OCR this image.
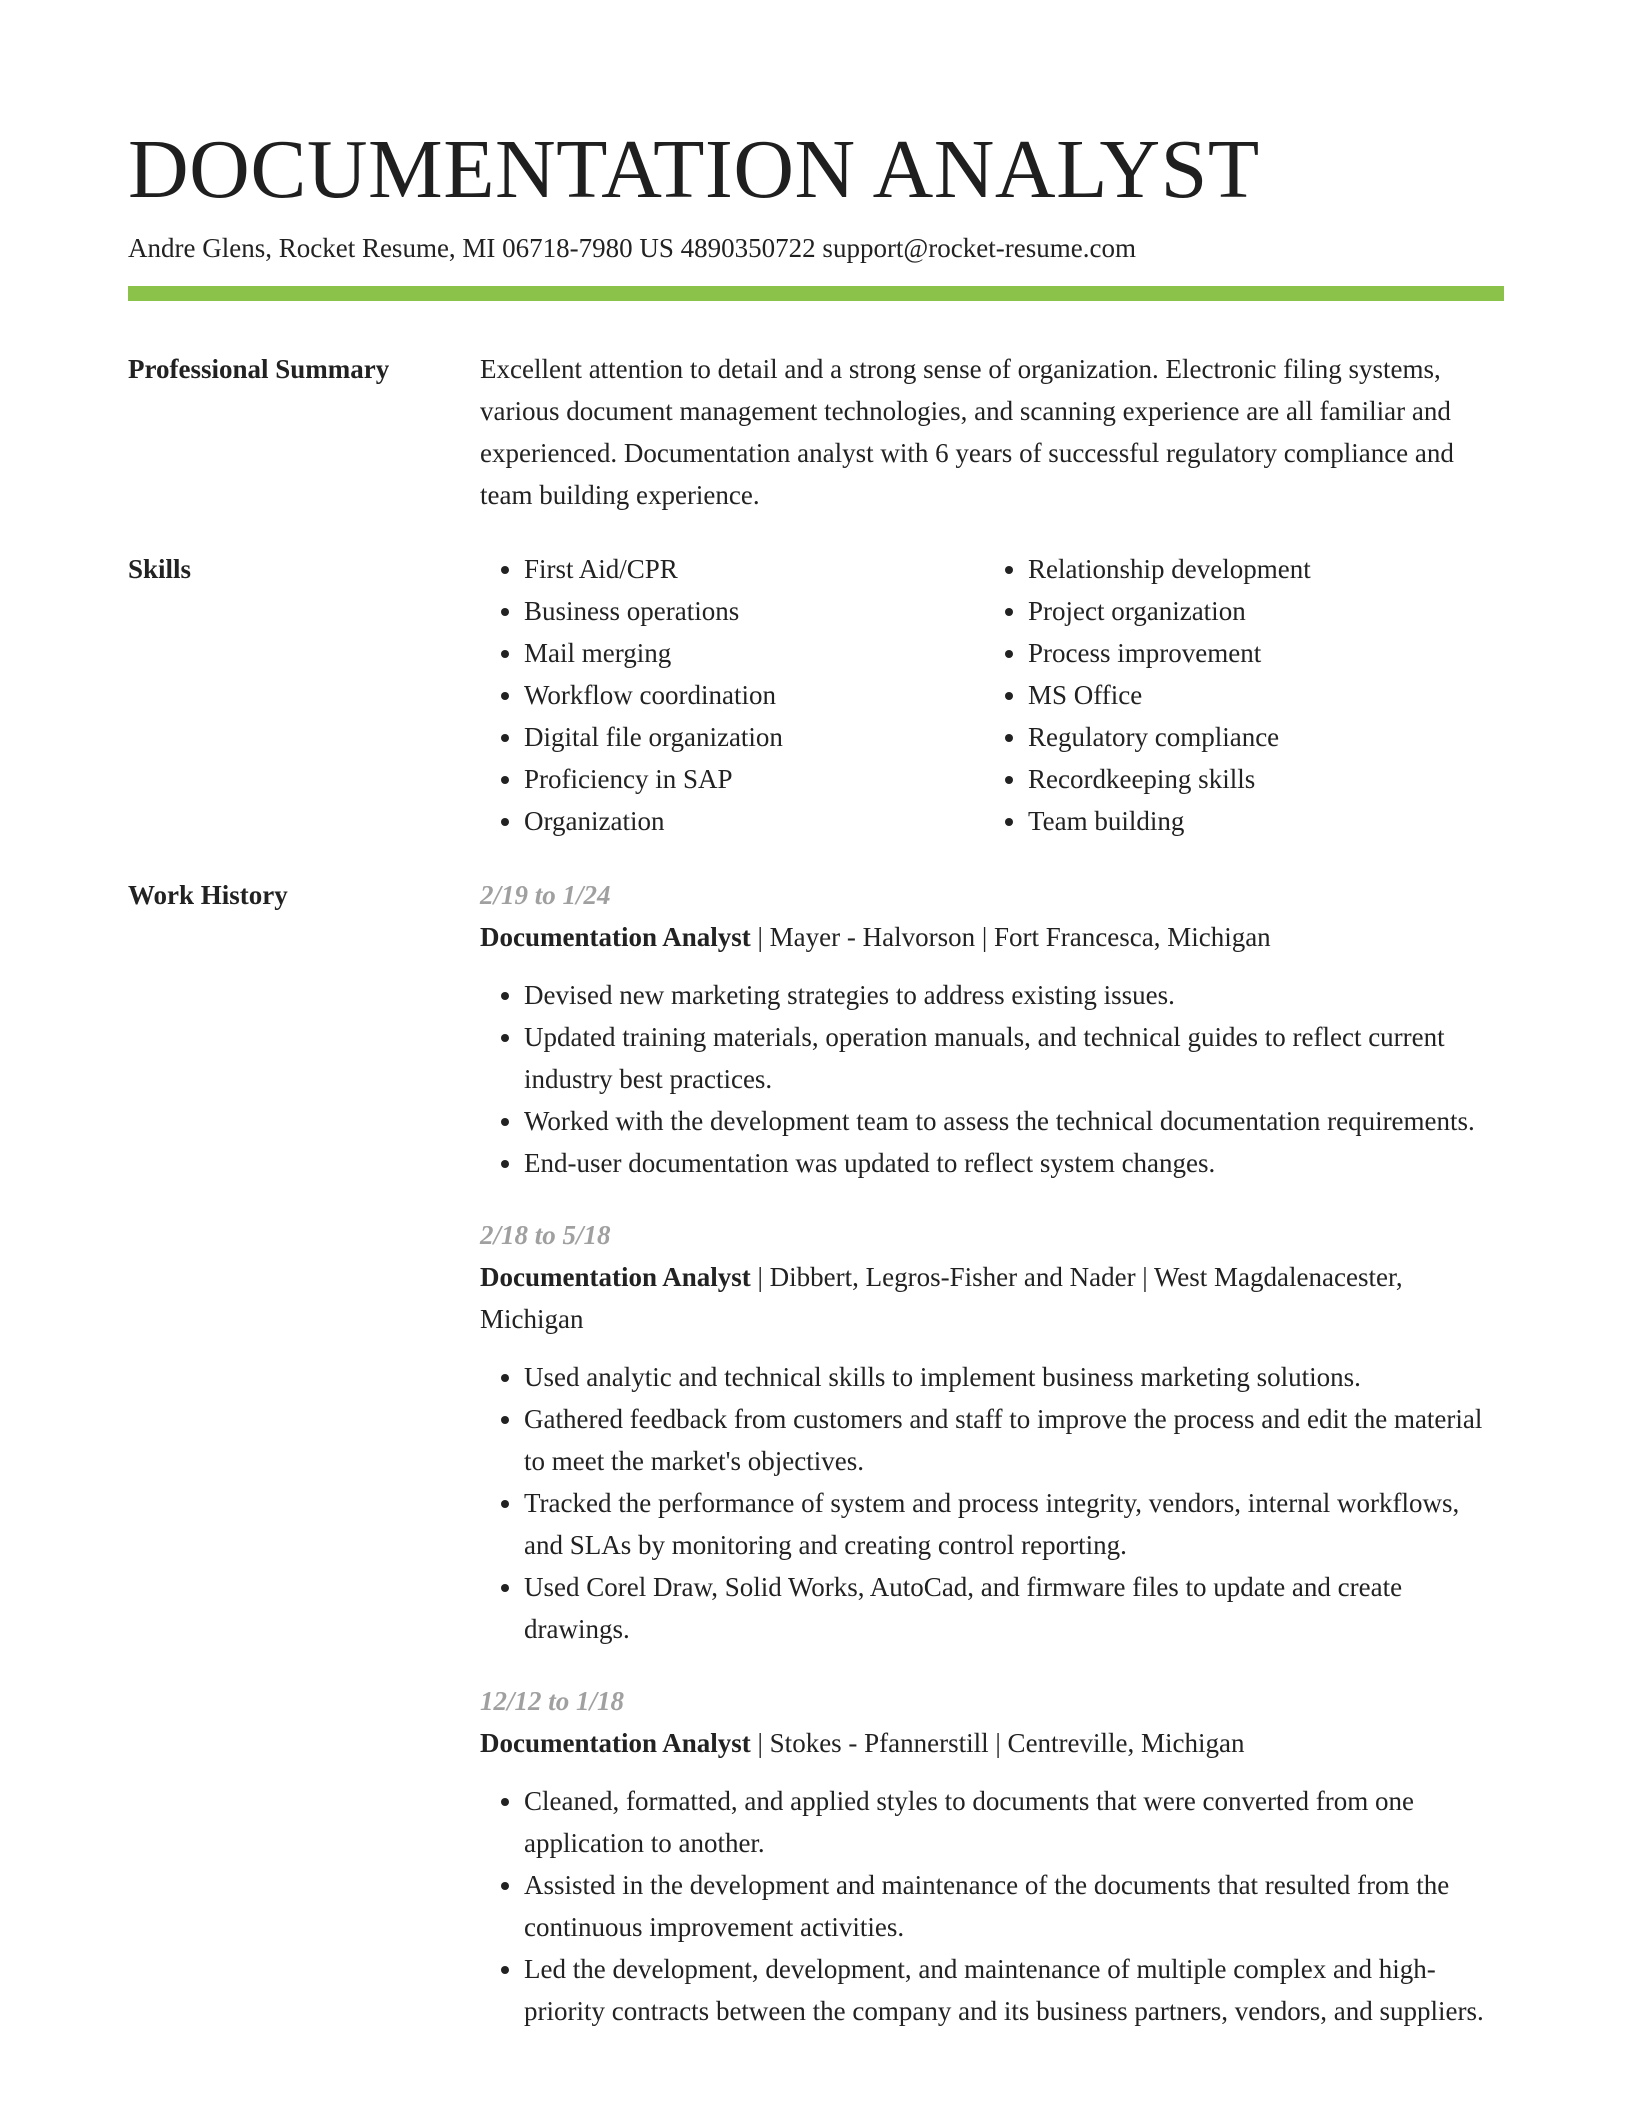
DOCUMENTATION ANALYST
Andre Glens, Rocket Resume, MI 06718-7980 US 4890350722 support@rocket-resume.com
Professional Summary	Excellent attention to detail and a strong sense of organization. Electronic filing systems, various document management technologies, and scanning experience are all familiar and experienced. Documentation analyst with 6 years of successful regulatory compliance and team building experience.

Skills
•	First Aid/CPR
• Business operations
• Mail merging
• Workflow coordination
• Digital file organization
• Proficiency in SAP
• Organization
• Relationship development
• Project organization
• Process improvement
• MS Office
• Regulatory compliance
• Recordkeeping skills
• Team building
Work History	2/19 to 1/24
Documentation Analyst | Mayer - Halvorson | Fort Francesca, Michigan
• Devised new marketing strategies to address existing issues.
• Updated training materials, operation manuals, and technical guides to reflect current industry best practices.
• Worked with the development team to assess the technical documentation requirements.
• End-user documentation was updated to reflect system changes.
2/18 to 5/18
Documentation Analyst | Dibbert, Legros-Fisher and Nader | West Magdalenacester, Michigan
• Used analytic and technical skills to implement business marketing solutions.
• Gathered feedback from customers and staff to improve the process and edit the material to meet the market's objectives.
• Tracked the performance of system and process integrity, vendors, internal workflows, and SLAs by monitoring and creating control reporting.
• Used Corel Draw, Solid Works, AutoCad, and firmware files to update and create drawings.
12/12 to 1/18
Documentation Analyst | Stokes - Pfannerstill | Centreville, Michigan
• Cleaned, formatted, and applied styles to documents that were converted from one application to another.
• Assisted in the development and maintenance of the documents that resulted from the continuous improvement activities.
• Led the development, development, and maintenance of multiple complex and high-priority contracts between the company and its business partners, vendors, and suppliers.
